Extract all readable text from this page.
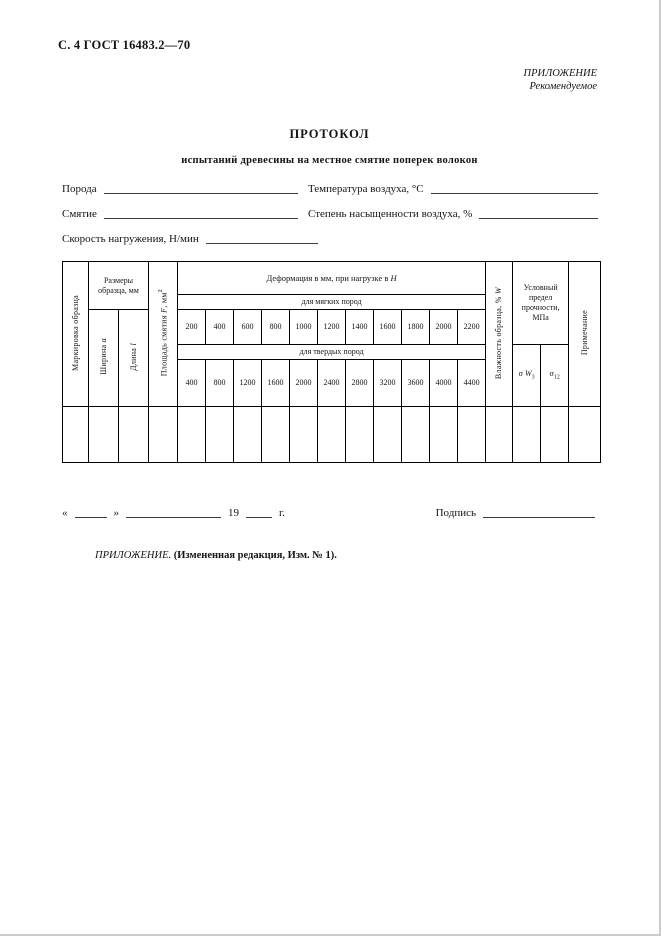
С. 4 ГОСТ 16483.2—70
ПРИЛОЖЕНИЕ
Рекомендуемое
ПРОТОКОЛ
испытаний древесины на местное смятие поперек волокон
Порода	Температура воздуха, °С
Смятие	Степень насыщенности воздуха, %
Скорость нагружения, Н/мин
Маркировка образца	Размеры образца, мм		Площадь смятия F, $мм^2$	Деформация в мм, при нагрузке в Н											Влажность образца, % W	Условный предел прочности, МПа		Примечание
				для мягких пород														
	Ширина a	Длина l		200	400	600	800	1000	1200	1400	1600	1800	2000	2200				
				для твердых пород												σ $W_3$	$\sigma_{12}$
				400	800	1200	1600	2000	2400	2800	3200	3600	4000	4400				

«	»	19	г.	Подпись
ПРИЛОЖЕНИЕ. (Измененная редакция, Изм. № 1).
